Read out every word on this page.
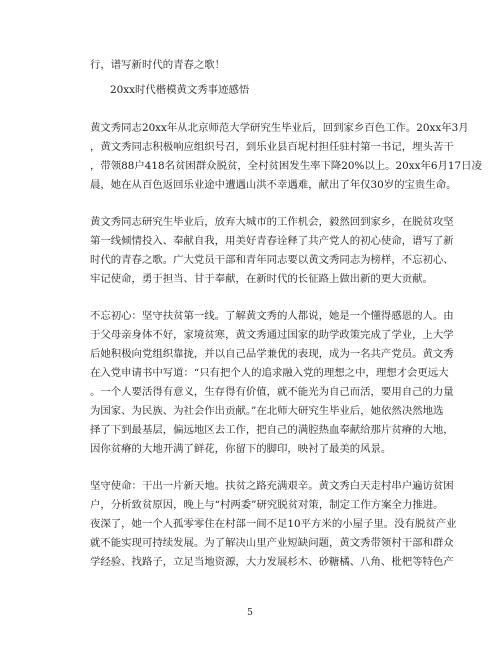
行，谱写新时代的青春之歌！
20xx时代楷模黄文秀事迹感悟
黄文秀同志20xx年从北京师范大学研究生毕业后，回到家乡百色工作。20xx年3月
，黄文秀同志积极响应组织号召，到乐业县百坭村担任驻村第一书记，埋头苦干
，带领88户418名贫困群众脱贫，全村贫困发生率下降20%以上。20xx年6月17日凌
晨，她在从百色返回乐业途中遭遇山洪不幸遇难，献出了年仅30岁的宝贵生命。
黄文秀同志研究生毕业后，放弃大城市的工作机会，毅然回到家乡，在脱贫攻坚
第一线倾情投入、奉献自我，用美好青春诠释了共产党人的初心使命，谱写了新
时代的青春之歌。广大党员干部和青年同志要以黄文秀同志为榜样，不忘初心、
牢记使命，勇于担当、甘于奉献，在新时代的长征路上做出新的更大贡献。
不忘初心：坚守扶贫第一线。了解黄文秀的人都说，她是一个懂得感恩的人。由
于父母亲身体不好，家境贫寒，黄文秀通过国家的助学政策完成了学业，上大学
后她积极向党组织靠拢，并以自己品学兼优的表现，成为一名共产党员。黄文秀
在入党申请书中写道：“只有把个人的追求融入党的理想之中，理想才会更远大
。一个人要活得有意义，生存得有价值，就不能光为自己而活，要用自己的力量
为国家、为民族、为社会作出贡献。”在北师大研究生毕业后，她依然决然地选
择了下到最基层，偏远地区去工作，把自己的满腔热血奉献给那片贫瘠的大地，
因你贫瘠的大地开满了鲜花，你留下的脚印，映衬了最美的风景。
坚守使命：干出一片新天地。扶贫之路充满艰辛。黄文秀白天走村串户遍访贫困
户，分析致贫原因，晚上与“村两委”研究脱贫对策，制定工作方案全力推进。
夜深了，她一个人孤零零住在村部一间不足10平方米的小屋子里。没有脱贫产业
就不能实现可持续发展。为了解决山里产业短缺问题，黄文秀带领村干部和群众
学经验、找路子，立足当地资源，大力发展杉木、砂糖橘、八角、枇杷等特色产
5
